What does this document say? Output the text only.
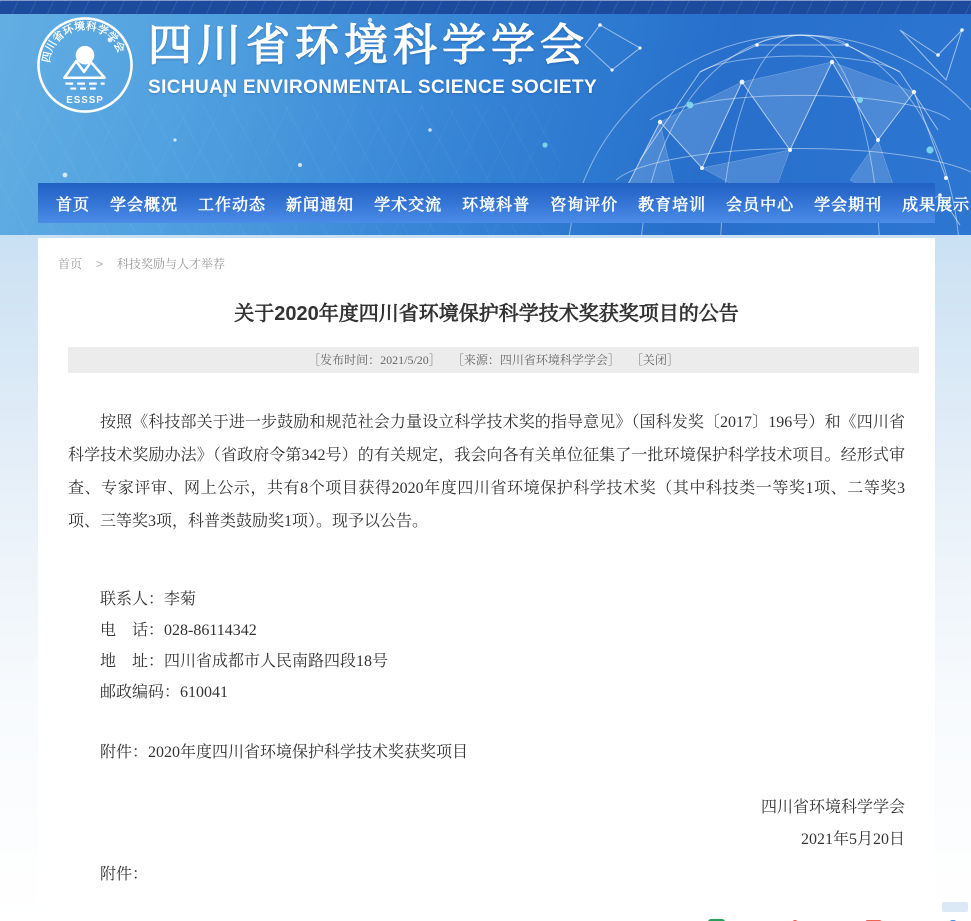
四川省环境科学学会
ESSSP
四川省环境科学学会
SICHUAN ENVIRONMENTAL SCIENCE SOCIETY
首页	学会概况	工作动态	新闻通知	学术交流	环境科普	咨询评价	教育培训	会员中心	学会期刊	成果展示
首页 > 科技奖励与人才举荐
关于2020年度四川省环境保护科学技术奖获奖项目的公告
［发布时间：2021/5/20］ ［来源：四川省环境科学学会］ ［关闭］

按照《科技部关于进一步鼓励和规范社会力量设立科学技术奖的指导意见》（国科发奖〔2017〕196号）和《四川省科学技术奖励办法》（省政府令第342号）的有关规定，我会向各有关单位征集了一批环境保护科学技术项目。经形式审查、专家评审、网上公示，共有8个项目获得2020年度四川省环境保护科学技术奖（其中科技类一等奖1项、二等奖3项、三等奖3项，科普类鼓励奖1项）。现予以公告。

联系人：李菊

电　话：028-86114342

地　址：四川省成都市人民南路四段18号

邮政编码：610041

附件：2020年度四川省环境保护科学技术奖获奖项目

四川省环境科学学会

2021年5月20日

附件：
